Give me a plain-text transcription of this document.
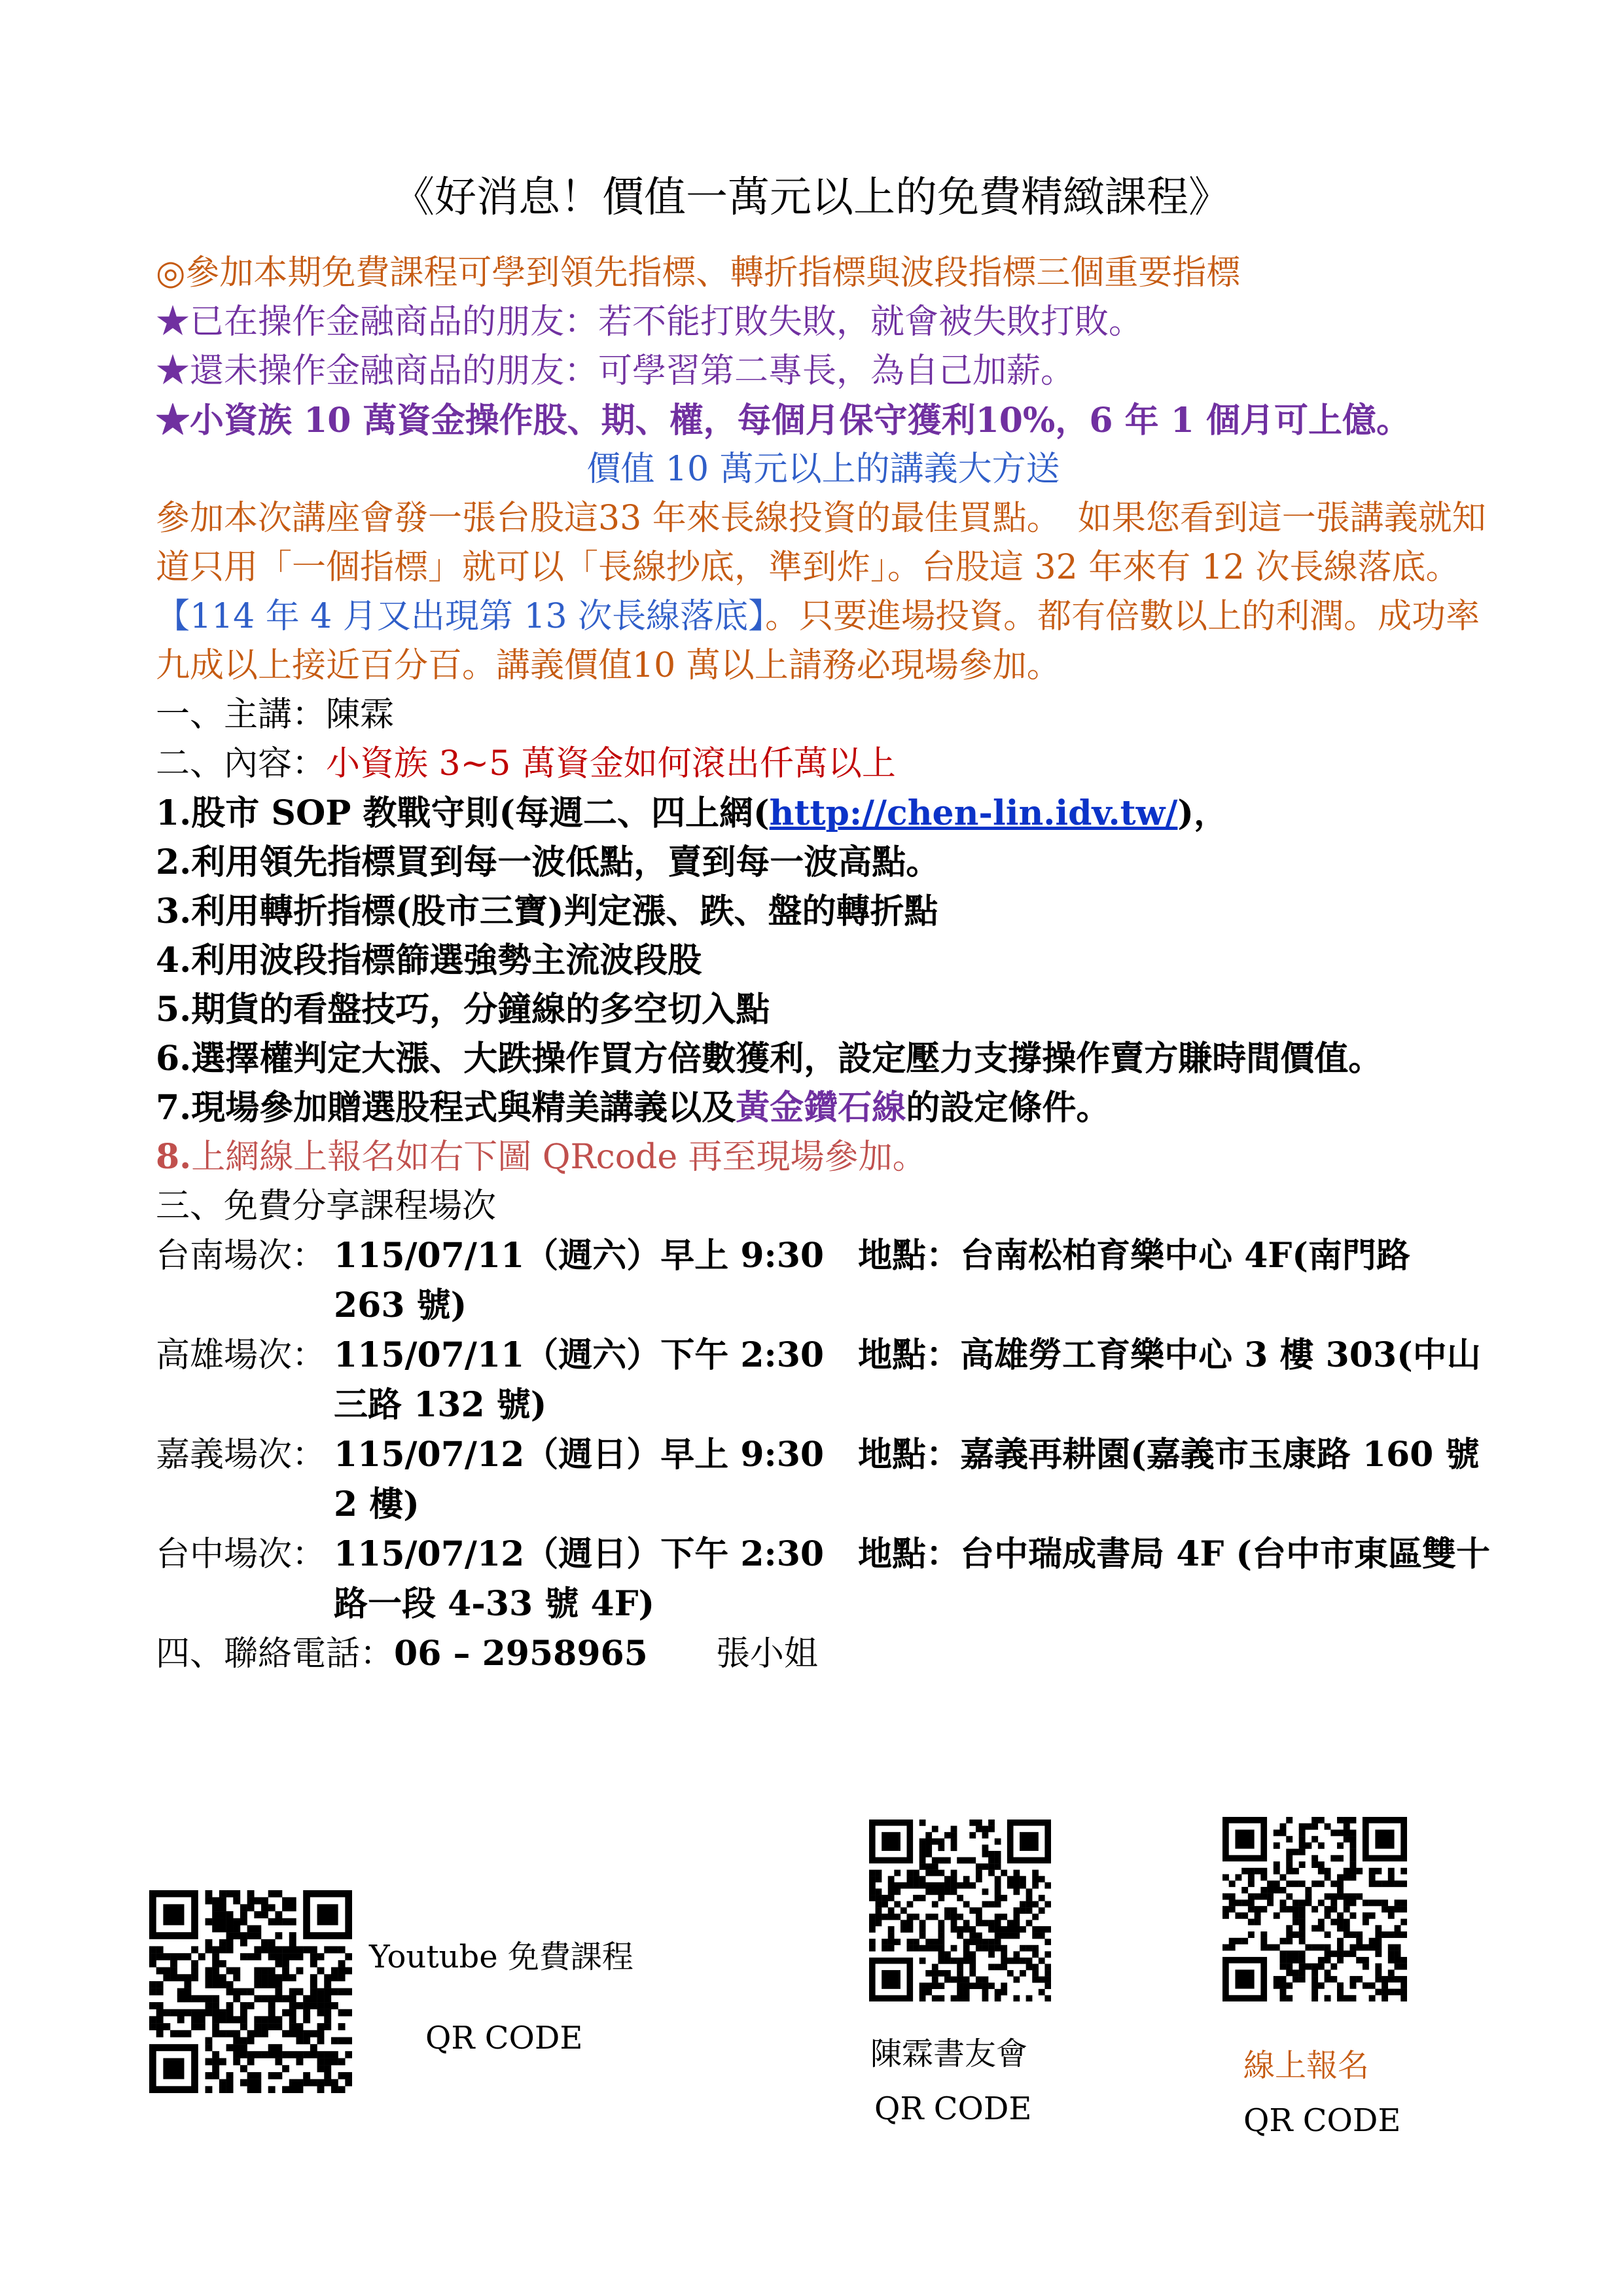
《好消息！價值一萬元以上的免費精緻課程》
◎參加本期免費課程可學到領先指標、轉折指標與波段指標三個重要指標
★已在操作金融商品的朋友：若不能打敗失敗，就會被失敗打敗。
★還未操作金融商品的朋友：可學習第二專長，為自己加薪。
★小資族 10 萬資金操作股、期、權，每個月保守獲利10%，6 年 1 個月可上億。
價值 10 萬元以上的講義大方送
參加本次講座會發一張台股這33 年來長線投資的最佳買點。　如果您看到這一張講義就知道只用「一個指標」就可以「長線抄底，準到炸」。台股這 32 年來有 12 次長線落底。【114 年 4 月又出現第 13 次長線落底】。只要進場投資。都有倍數以上的利潤。成功率九成以上接近百分百。講義價值10 萬以上請務必現場參加。
一、主講：陳霖
二、內容：小資族 3~5 萬資金如何滾出仟萬以上
1.股市 SOP 教戰守則(每週二、四上網(http://chen-lin.idv.tw/)，
2.利用領先指標買到每一波低點，賣到每一波高點。
3.利用轉折指標(股市三寶)判定漲、跌、盤的轉折點
4.利用波段指標篩選強勢主流波段股
5.期貨的看盤技巧，分鐘線的多空切入點
6.選擇權判定大漲、大跌操作買方倍數獲利，設定壓力支撐操作賣方賺時間價值。
7.現場參加贈選股程式與精美講義以及黃金鑽石線的設定條件。
8.上網線上報名如右下圖 QRcode 再至現場參加。
三、免費分享課程場次
台南場次： 115/07/11（週六）早上 9:30　地點：台南松柏育樂中心 4F(南門路 263 號)
高雄場次： 115/07/11（週六）下午 2:30　地點：高雄勞工育樂中心 3 樓 303(中山三路 132 號)
嘉義場次： 115/07/12（週日）早上 9:30　地點：嘉義再耕園(嘉義市玉康路 160 號 2 樓)
台中場次： 115/07/12（週日）下午 2:30　地點：台中瑞成書局 4F (台中市東區雙十路一段 4-33 號 4F)
四、聯絡電話：06 – 2958965　　 張小姐
Youtube 免費課程
QR CODE	陳霖書友會
QR CODE
線上報名
QR CODE
